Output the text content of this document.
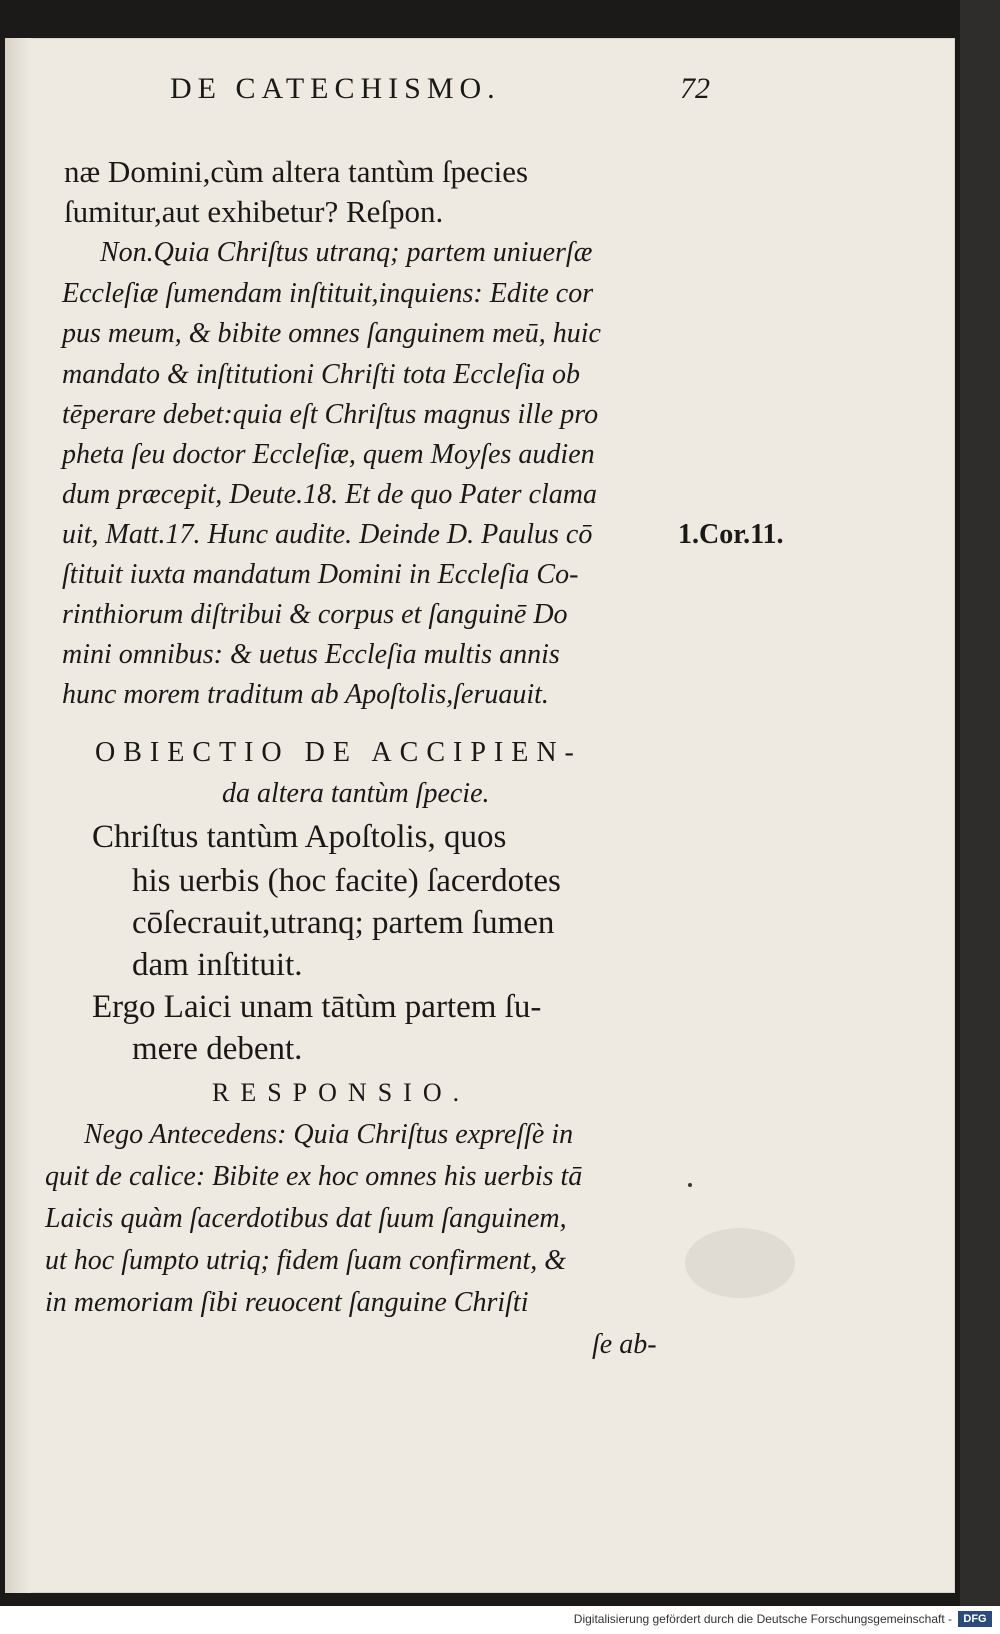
DE CATECHISMO.	72
næ Domini,cùm altera tantùm ſpecies
ſumitur,aut exhibetur? Reſpon.
Non.Quia Chriſtus utranq; partem uniuerſæ
Eccleſiæ ſumendam inſtituit,inquiens: Edite cor
pus meum, & bibite omnes ſanguinem meū, huic
mandato & inſtitutioni Chriſti tota Eccleſia ob
tēperare debet:quia eſt Chriſtus magnus ille pro
pheta ſeu doctor Eccleſiæ, quem Moyſes audien
dum præcepit, Deute.18. Et de quo Pater clama
uit, Matt.17. Hunc audite. Deinde D. Paulus cō
ſtituit iuxta mandatum Domini in Eccleſia Co-
rinthiorum diſtribui & corpus et ſanguinē Do
mini omnibus: & uetus Eccleſia multis annis
hunc morem traditum ab Apoſtolis,ſeruauit.
1.Cor.11.
OBIECTIO DE ACCIPIEN-
da altera tantùm ſpecie.
Chriſtus tantùm Apoſtolis, quos
his uerbis (hoc facite) ſacerdotes
cōſecrauit,utranq; partem ſumen
dam inſtituit.
Ergo Laici unam tātùm partem ſu-
mere debent.
RESPONSIO.
Nego Antecedens: Quia Chriſtus expreſſè in
quit de calice: Bibite ex hoc omnes his uerbis tā
Laicis quàm ſacerdotibus dat ſuum ſanguinem,
ut hoc ſumpto utriq; fidem ſuam confirment, &
in memoriam ſibi reuocent ſanguine Chriſti
ſe ab-
Digitalisierung gefördert durch die Deutsche Forschungsgemeinschaft -	DFG
